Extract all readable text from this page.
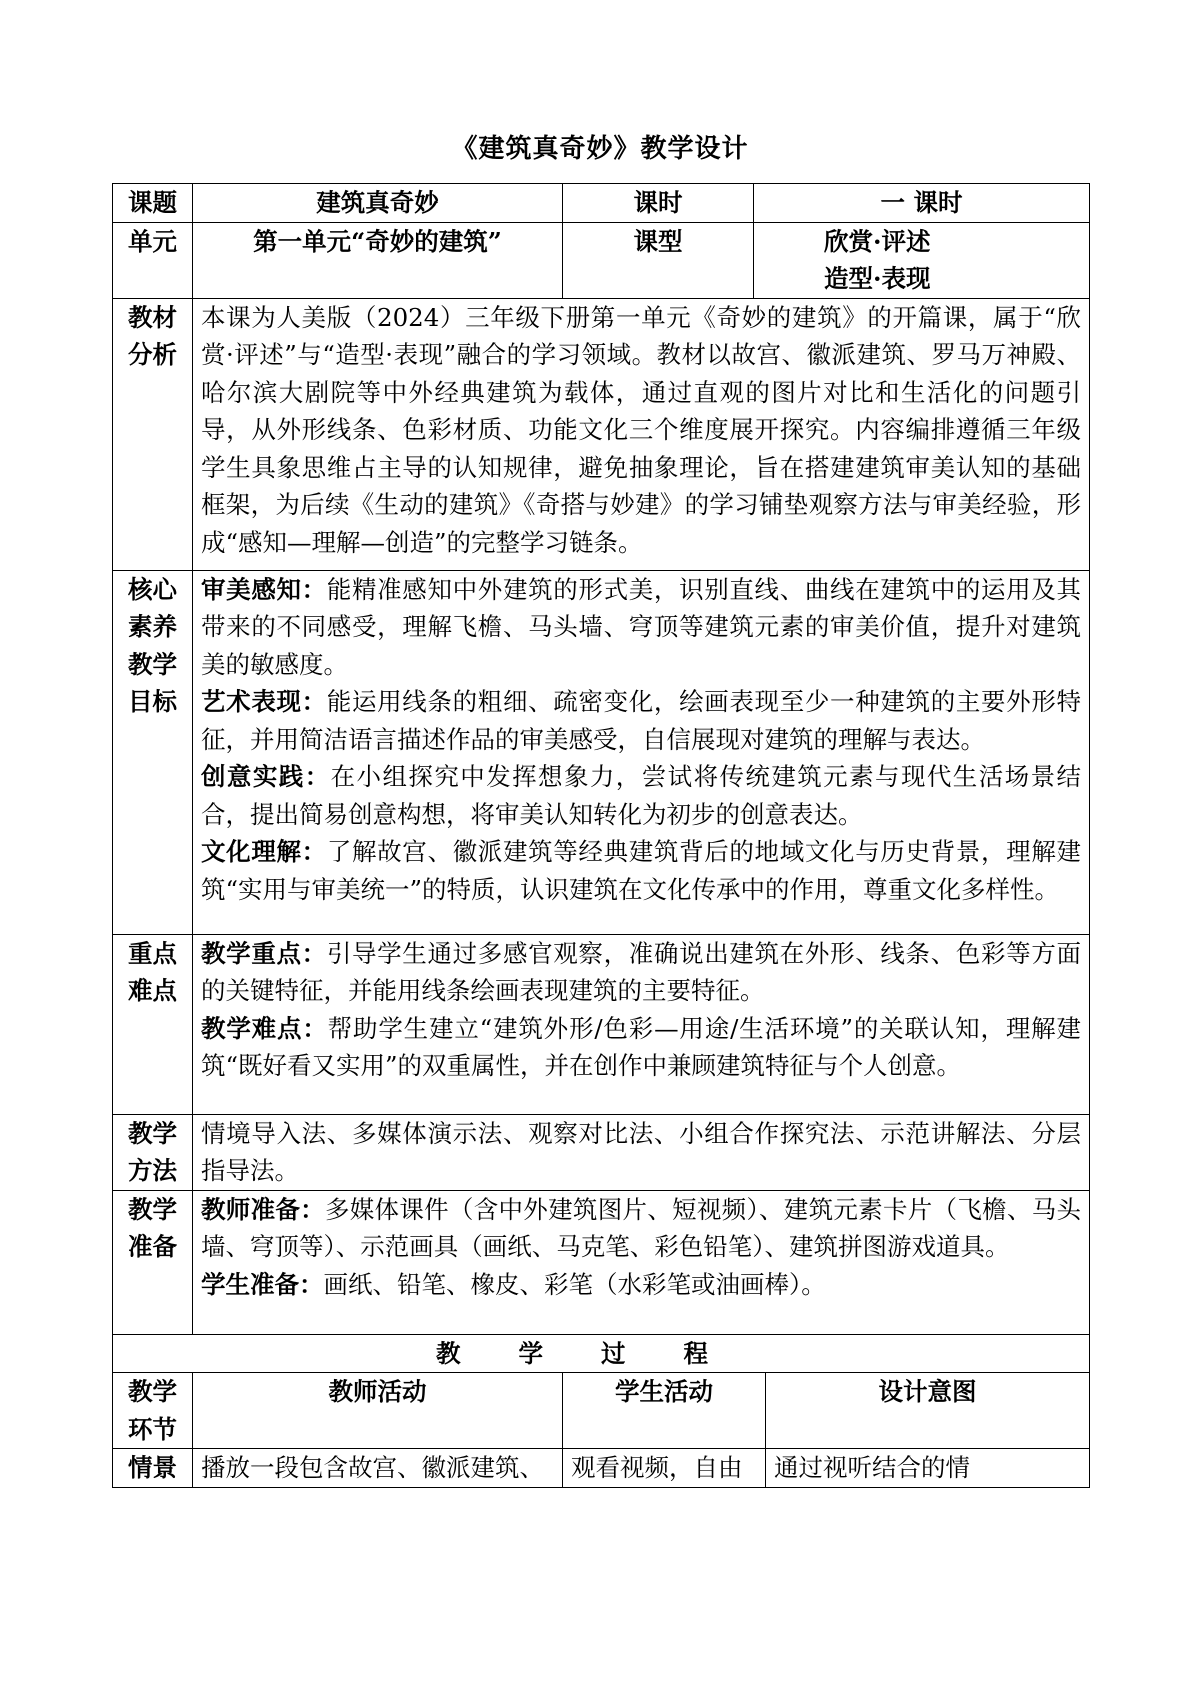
《建筑真奇妙》教学设计
课题	建筑真奇妙	课时	一 课时	
单元	第一单元“奇妙的建筑”	课型	欣赏·评述
造型·表现	

教材分析	本课为人美版（2024）三年级下册第一单元《奇妙的建筑》的开篇课，属于“欣赏·评述”与“造型·表现”融合的学习领域。教材以故宫、徽派建筑、罗马万神殿、哈尔滨大剧院等中外经典建筑为载体，通过直观的图片对比和生活化的问题引导，从外形线条、色彩材质、功能文化三个维度展开探究。内容编排遵循三年级学生具象思维占主导的认知规律，避免抽象理论，旨在搭建建筑审美认知的基础框架，为后续《生动的建筑》《奇搭与妙建》的学习铺垫观察方法与审美经验，形成“感知—理解—创造”的完整学习链条。			

核心素养教学目标	审美感知：能精准感知中外建筑的形式美，识别直线、曲线在建筑中的运用及其带来的不同感受，理解飞檐、马头墙、穹顶等建筑元素的审美价值，提升对建筑美的敏感度。

艺术表现：能运用线条的粗细、疏密变化，绘画表现至少一种建筑的主要外形特征，并用简洁语言描述作品的审美感受，自信展现对建筑的理解与表达。

创意实践：在小组探究中发挥想象力，尝试将传统建筑元素与现代生活场景结合，提出简易创意构想，将审美认知转化为初步的创意表达。

文化理解：了解故宫、徽派建筑等经典建筑背后的地域文化与历史背景，理解建筑“实用与审美统一”的特质，认识建筑在文化传承中的作用，尊重文化多样性。			

重点难点	教学重点：引导学生通过多感官观察，准确说出建筑在外形、线条、色彩等方面的关键特征，并能用线条绘画表现建筑的主要特征。

教学难点：帮助学生建立“建筑外形/色彩—用途/生活环境”的关联认知，理解建筑“既好看又实用”的双重属性，并在创作中兼顾建筑特征与个人创意。			

教学方法	情境导入法、多媒体演示法、观察对比法、小组合作探究法、示范讲解法、分层指导法。			

教学准备	教师准备：多媒体课件（含中外建筑图片、短视频）、建筑元素卡片（飞檐、马头墙、穹顶等）、示范画具（画纸、马克笔、彩色铅笔）、建筑拼图游戏道具。

学生准备：画纸、铅笔、橡皮、彩笔（水彩笔或油画棒）。			

教学过程				

教学环节	教师活动	学生活动		设计意图
情景	播放一段包含故宫、徽派建筑、	观看视频，自由		通过视听结合的情
